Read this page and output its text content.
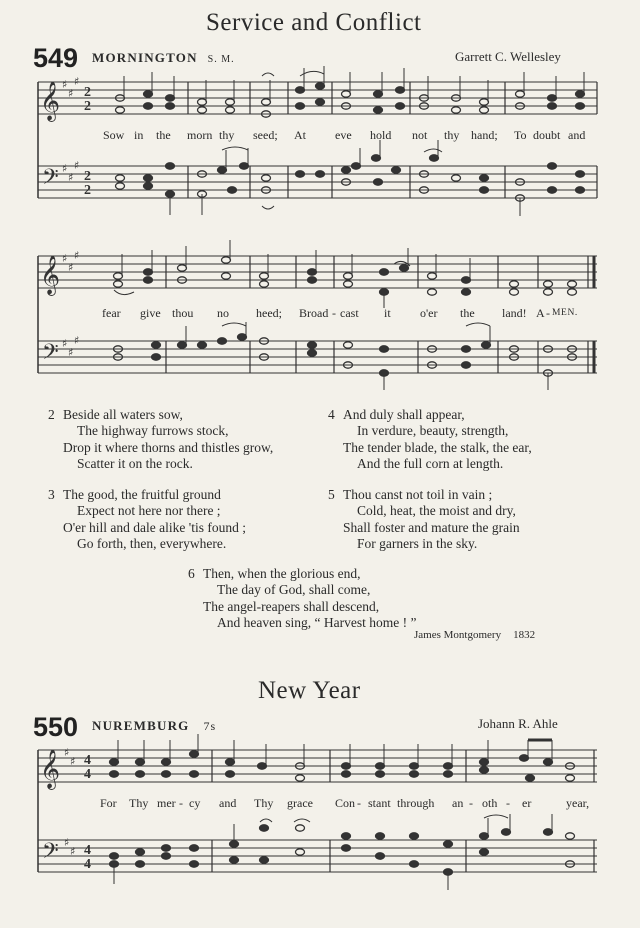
Service and Conflict
549 MORNINGTON S. M.	Garrett C. Wellesley
𝄞
𝄢
♯
♯
♯
♯
♯
♯
2
2
2
2
Sow in the morn thy seed; At eve hold not thy hand; To doubt and
𝄞
𝄢
♯
♯
♯
♯
♯
♯
fear give thou no heed; Broad - cast it o'er the land! A - MEN.
2 Beside all waters sow,
The highway furrows stock,
Drop it where thorns and thistles grow,
Scatter it on the rock.
3 The good, the fruitful ground
Expect not here nor there ;
O'er hill and dale alike 'tis found ;
Go forth, then, everywhere.
4 And duly shall appear,
In verdure, beauty, strength,
The tender blade, the stalk, the ear,
And the full corn at length.
5 Thou canst not toil in vain ;
Cold, heat, the moist and dry,
Shall foster and mature the grain
For garners in the sky.
6 Then, when the glorious end,
The day of God, shall come,
The angel-reapers shall descend,
And heaven sing, “ Harvest home ! ”
James Montgomery 1832
New Year
550 NUREMBURG 7s	Johann R. Ahle
𝄞
𝄢
♯
♯
♯
♯
4
4
4
4
For Thy mer - cy and Thy grace Con - stant through an - oth - er	year,
